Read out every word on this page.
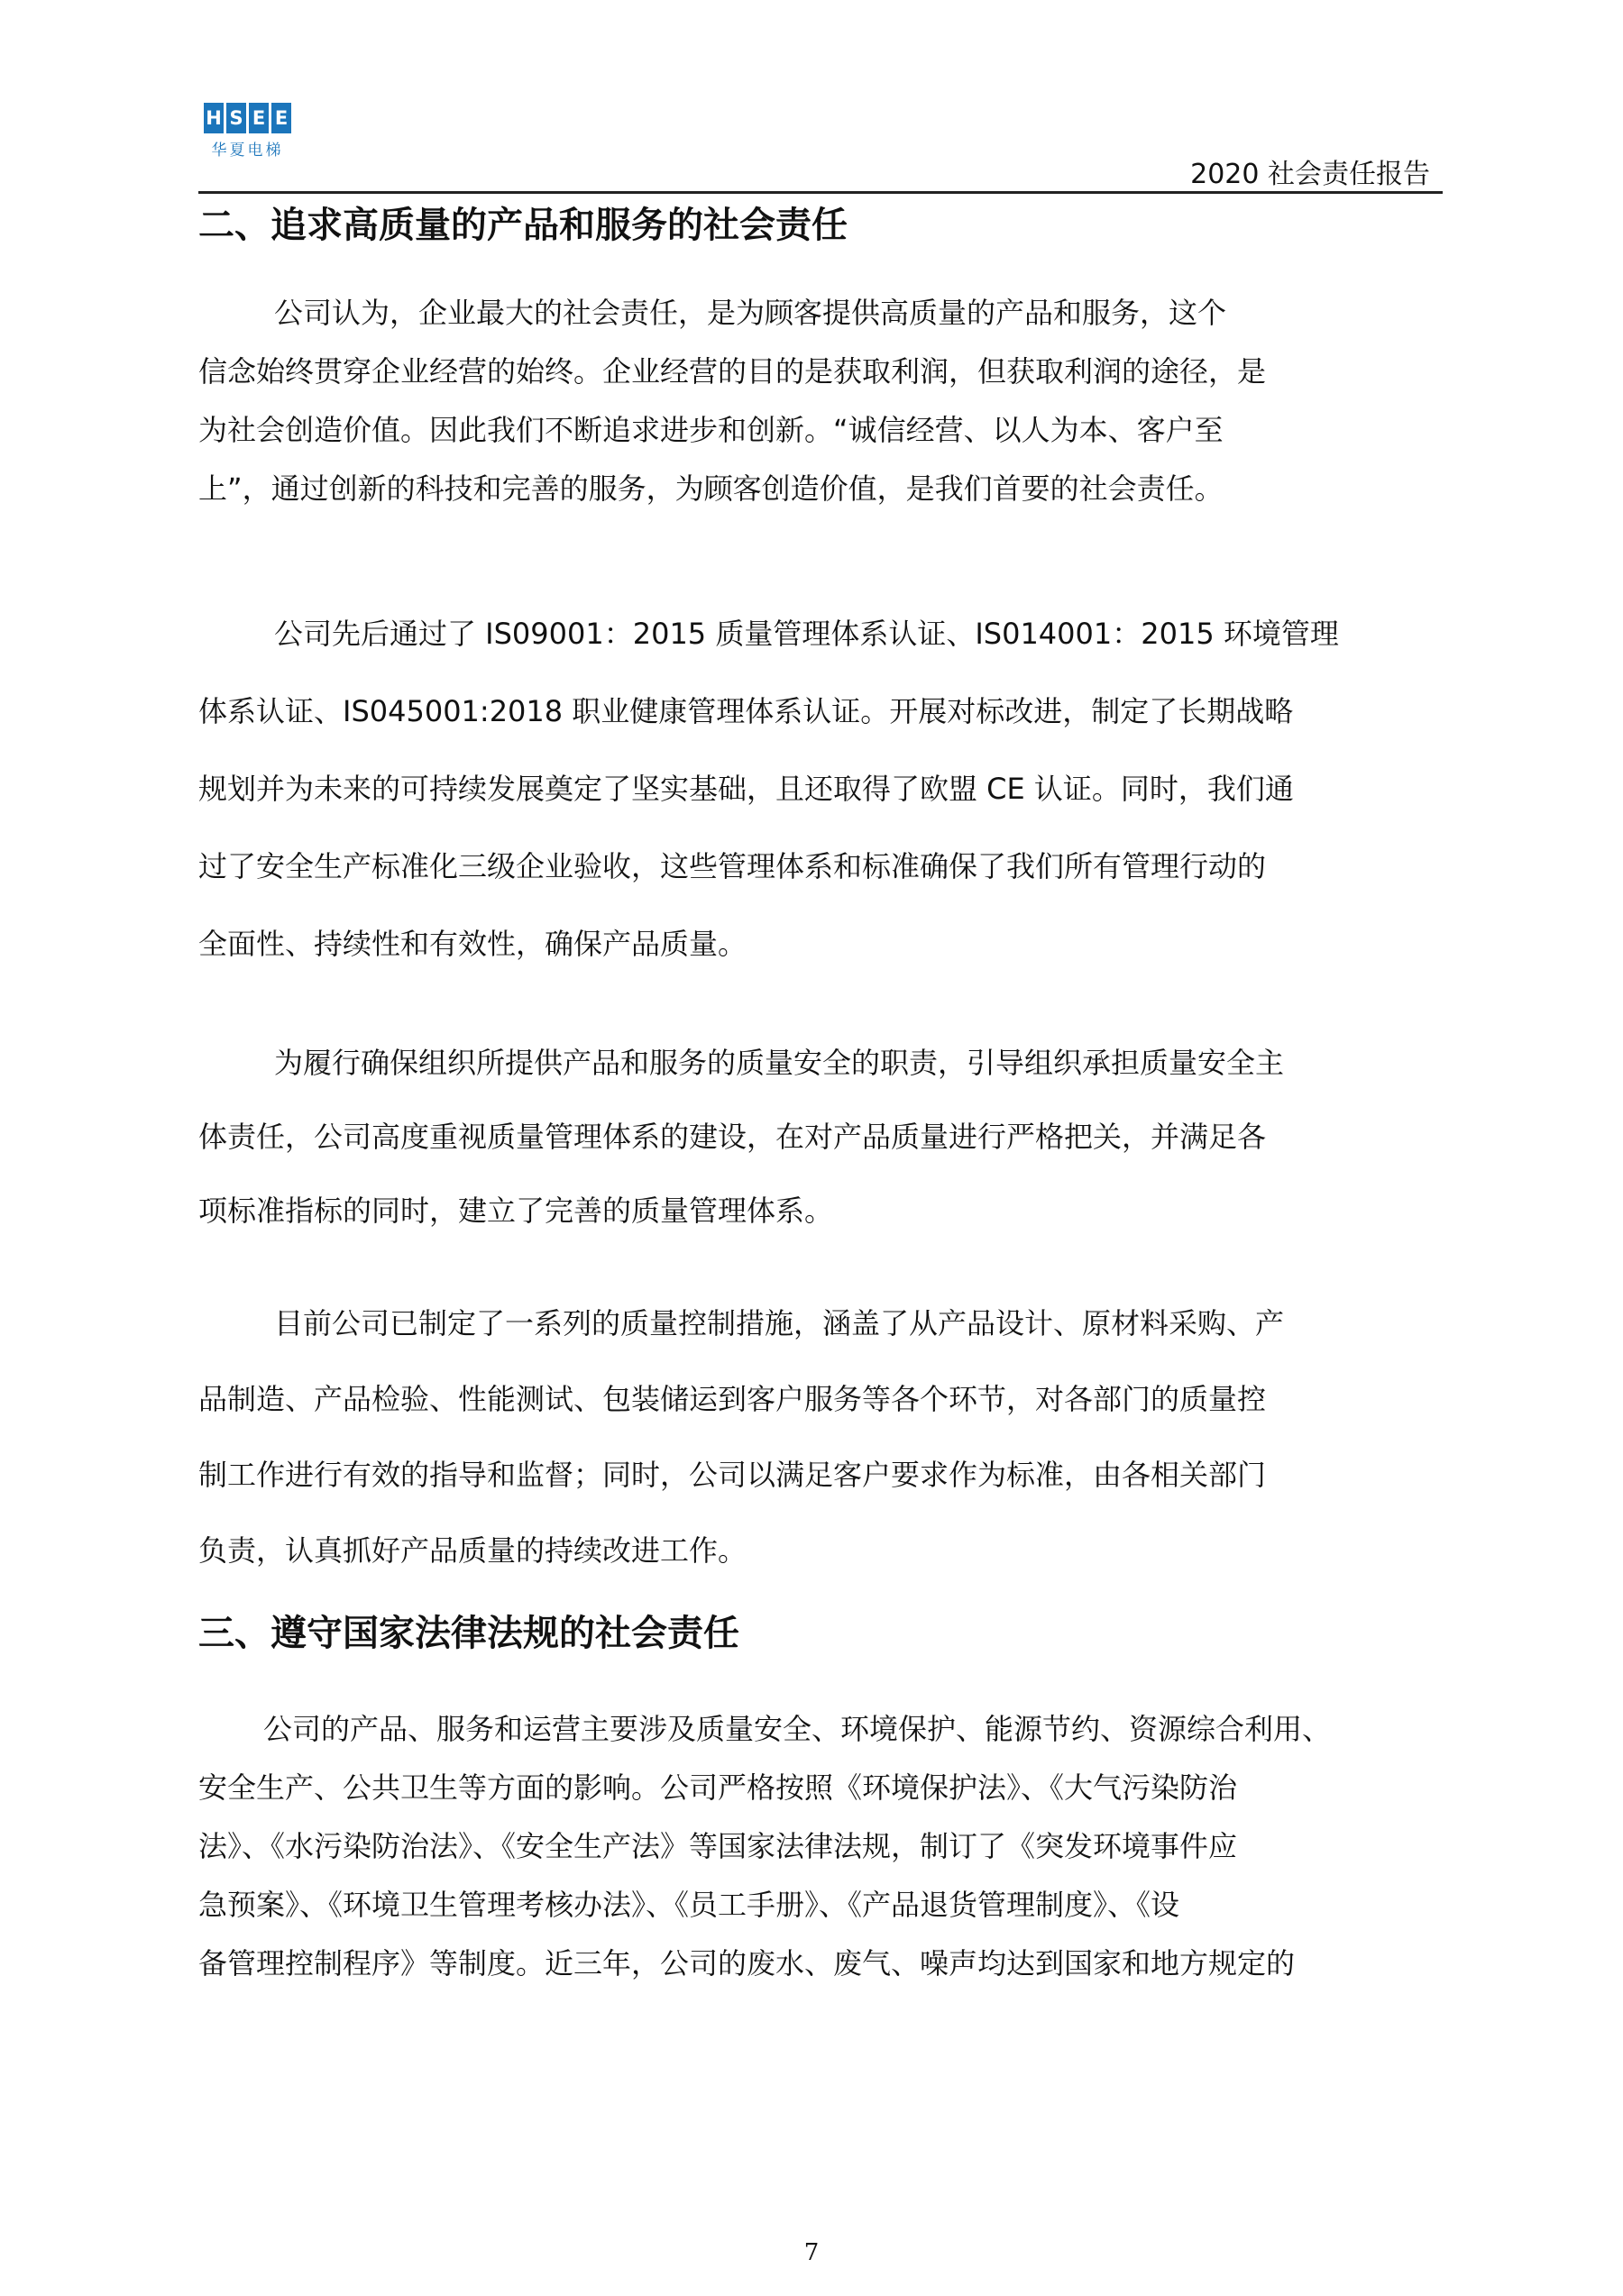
H S E E
华夏电梯
2020 社会责任报告
二、追求高质量的产品和服务的社会责任
公司认为，企业最大的社会责任，是为顾客提供高质量的产品和服务，这个
信念始终贯穿企业经营的始终。企业经营的目的是获取利润，但获取利润的途径，是
为社会创造价值。因此我们不断追求进步和创新。“诚信经营、以人为本、客户至
上”，通过创新的科技和完善的服务，为顾客创造价值，是我们首要的社会责任。
公司先后通过了 IS09001：2015 质量管理体系认证、IS014001：2015 环境管理
体系认证、IS045001:2018 职业健康管理体系认证。开展对标改进，制定了长期战略
规划并为未来的可持续发展奠定了坚实基础，且还取得了欧盟 CE 认证。同时，我们通
过了安全生产标准化三级企业验收，这些管理体系和标准确保了我们所有管理行动的
全面性、持续性和有效性，确保产品质量。
为履行确保组织所提供产品和服务的质量安全的职责，引导组织承担质量安全主
体责任，公司高度重视质量管理体系的建设，在对产品质量进行严格把关，并满足各
项标准指标的同时，建立了完善的质量管理体系。
目前公司已制定了一系列的质量控制措施，涵盖了从产品设计、原材料采购、产
品制造、产品检验、性能测试、包装储运到客户服务等各个环节，对各部门的质量控
制工作进行有效的指导和监督；同时，公司以满足客户要求作为标准，由各相关部门
负责，认真抓好产品质量的持续改进工作。
三、遵守国家法律法规的社会责任
公司的产品、服务和运营主要涉及质量安全、环境保护、能源节约、资源综合利用、
安全生产、公共卫生等方面的影响。公司严格按照《环境保护法》、《大气污染防治
法》、《水污染防治法》、《安全生产法》等国家法律法规，制订了《突发环境事件应
急预案》、《环境卫生管理考核办法》、《员工手册》、《产品退货管理制度》、《设
备管理控制程序》等制度。近三年，公司的废水、废气、噪声均达到国家和地方规定的
7
